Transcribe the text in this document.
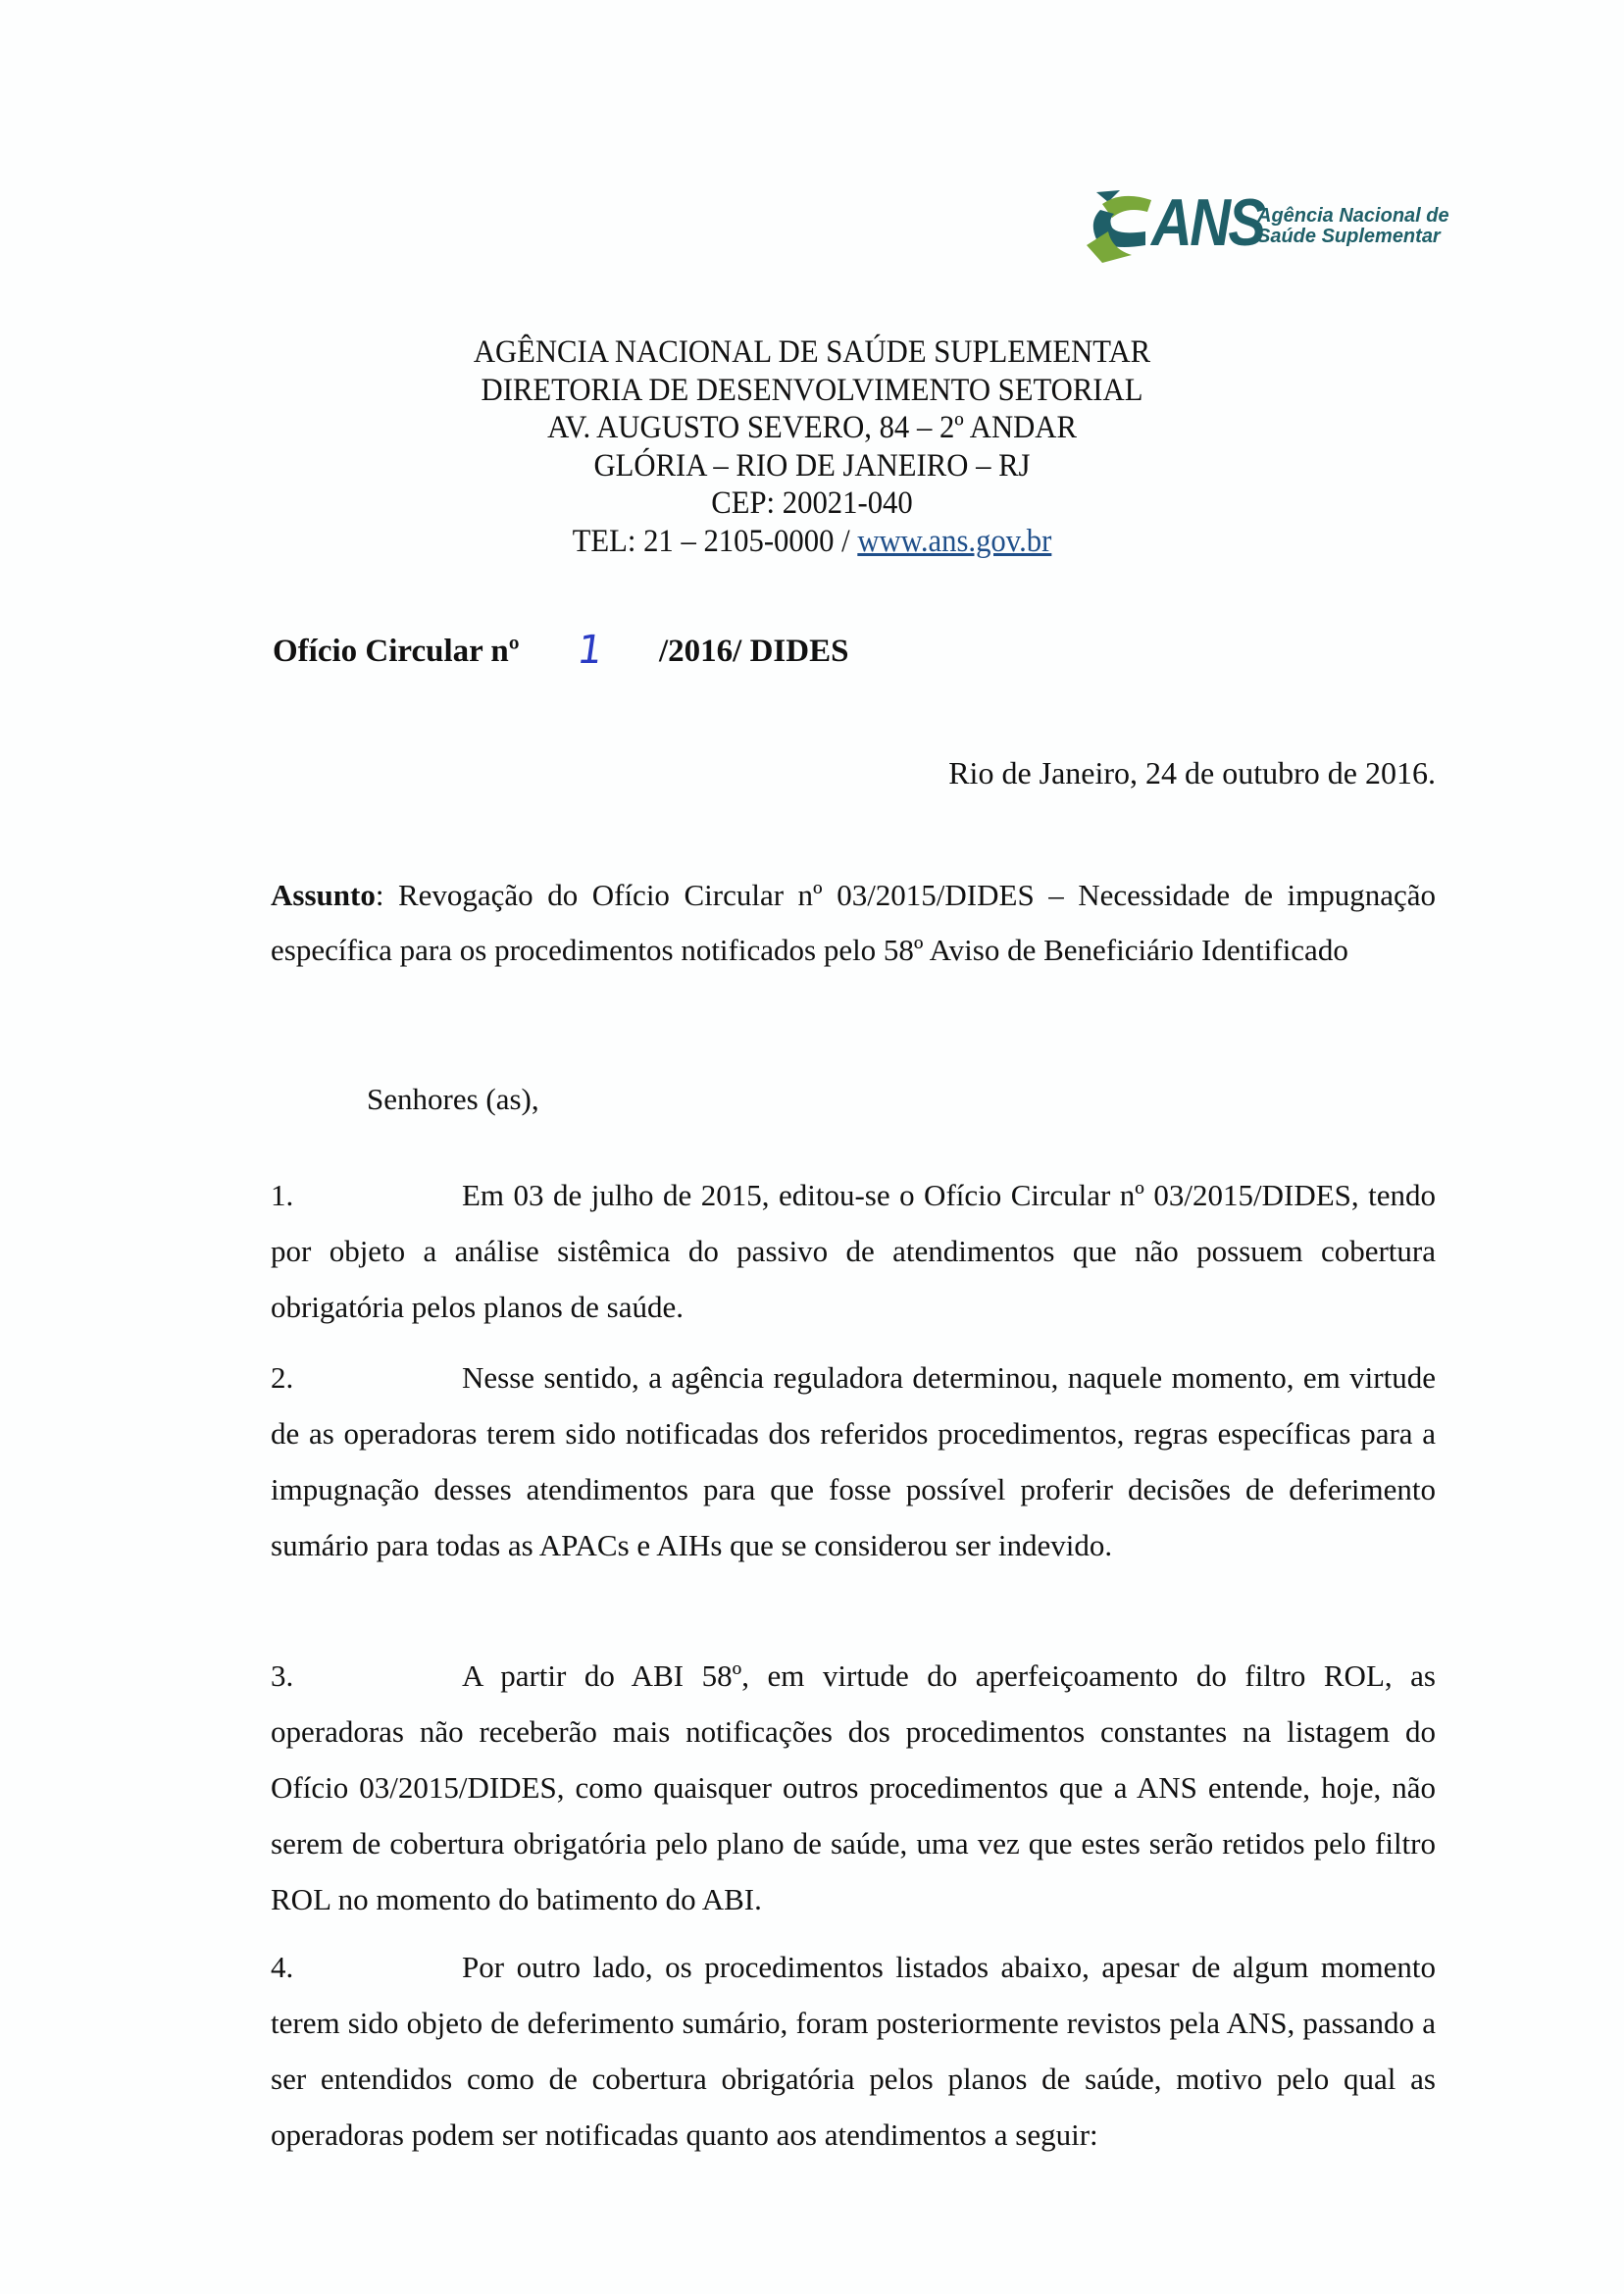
ANS
Agência Nacional de
Saúde Suplementar
AGÊNCIA NACIONAL DE SAÚDE SUPLEMENTAR
DIRETORIA DE DESENVOLVIMENTO SETORIAL
AV. AUGUSTO SEVERO, 84 – 2º ANDAR
GLÓRIA – RIO DE JANEIRO – RJ
CEP: 20021-040
TEL: 21 – 2105-0000 / www.ans.gov.br
Ofício Circular nº 1 /2016/ DIDES
Rio de Janeiro, 24 de outubro de 2016.
Assunto: Revogação do Ofício Circular nº 03/2015/DIDES – Necessidade de impugnação específica para os procedimentos notificados pelo 58º Aviso de Beneficiário Identificado
Senhores (as),
1.	Em 03 de julho de 2015, editou-se o Ofício Circular nº 03/2015/DIDES, tendo por objeto a análise sistêmica do passivo de atendimentos que não possuem cobertura obrigatória pelos planos de saúde.
2.	Nesse sentido, a agência reguladora determinou, naquele momento, em virtude de as operadoras terem sido notificadas dos referidos procedimentos, regras específicas para a impugnação desses atendimentos para que fosse possível proferir decisões de deferimento sumário para todas as APACs e AIHs que se considerou ser indevido.
3.	A partir do ABI 58º, em virtude do aperfeiçoamento do filtro ROL, as operadoras não receberão mais notificações dos procedimentos constantes na listagem do Ofício 03/2015/DIDES, como quaisquer outros procedimentos que a ANS entende, hoje, não serem de cobertura obrigatória pelo plano de saúde, uma vez que estes serão retidos pelo filtro ROL no momento do batimento do ABI.
4.	Por outro lado, os procedimentos listados abaixo, apesar de algum momento terem sido objeto de deferimento sumário, foram posteriormente revistos pela ANS, passando a ser entendidos como de cobertura obrigatória pelos planos de saúde, motivo pelo qual as operadoras podem ser notificadas quanto aos atendimentos a seguir:
